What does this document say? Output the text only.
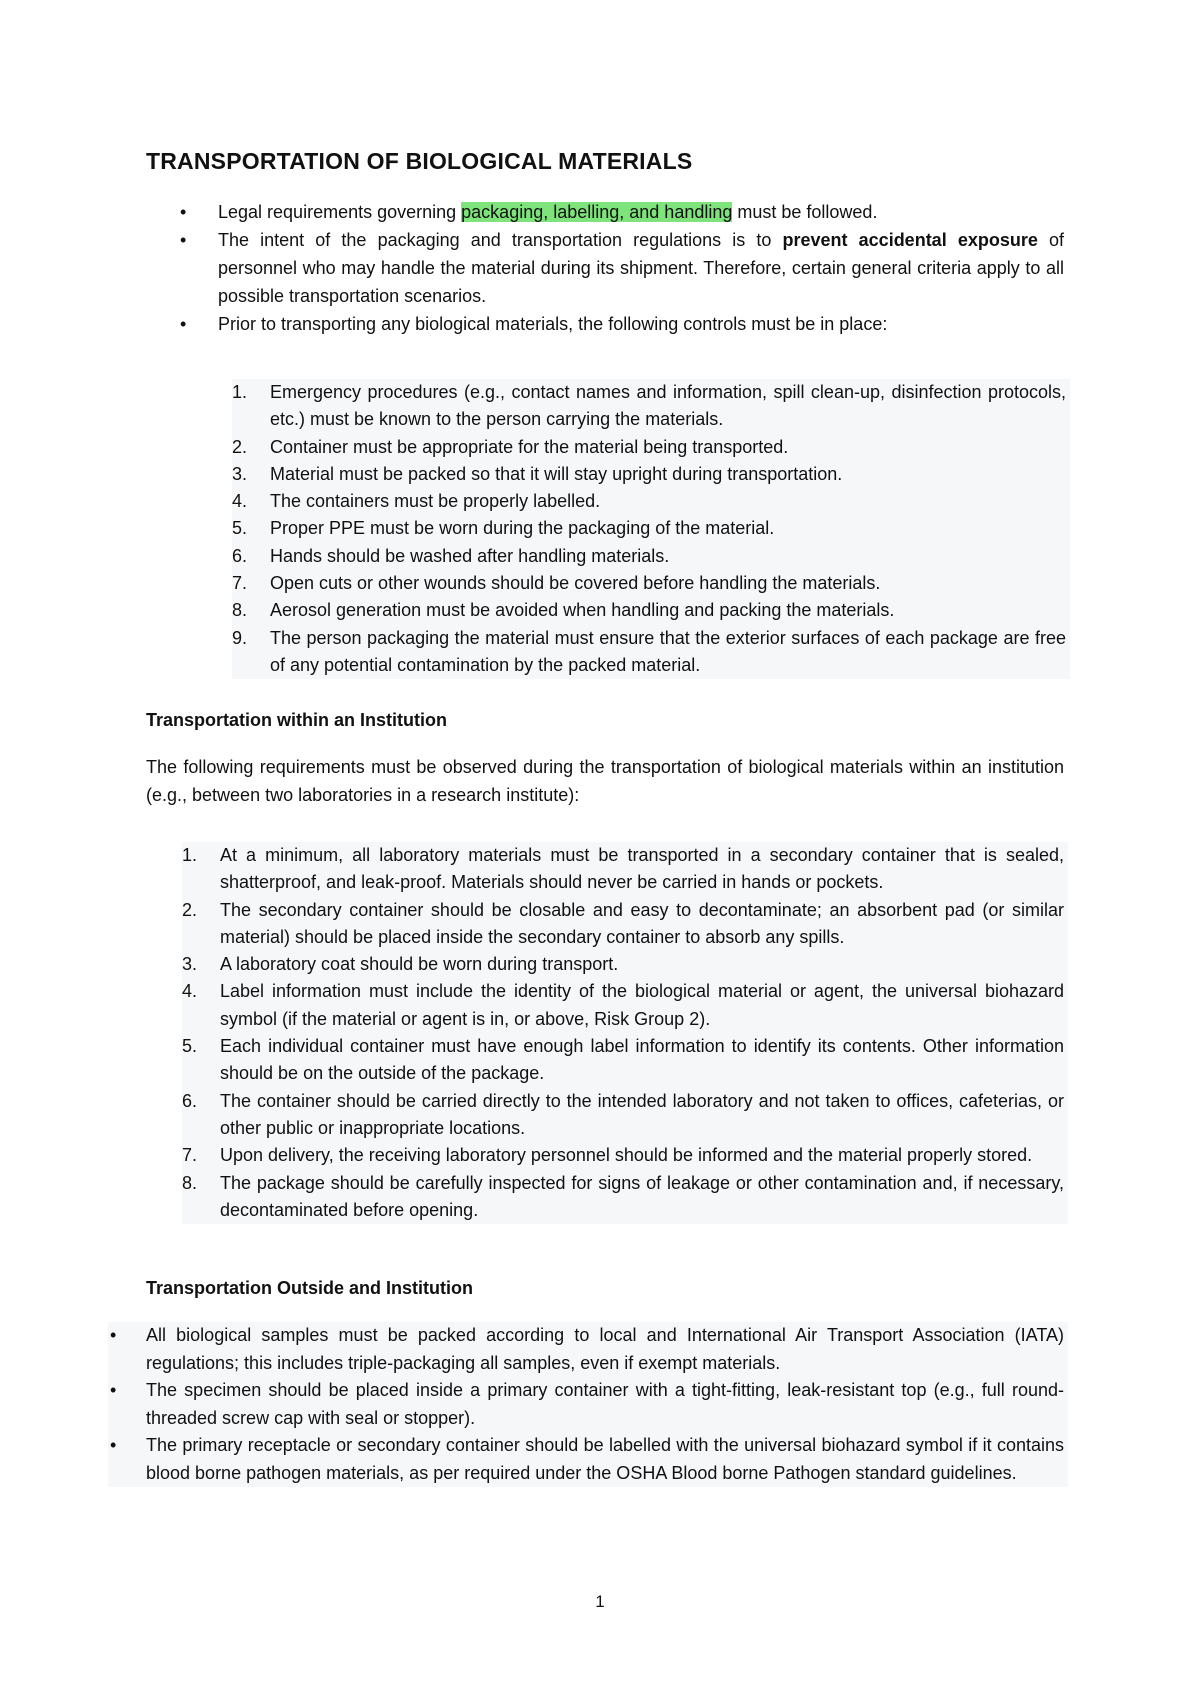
TRANSPORTATION OF BIOLOGICAL MATERIALS
• Legal requirements governing packaging, labelling, and handling must be followed.
• The intent of the packaging and transportation regulations is to prevent accidental exposure of personnel who may handle the material during its shipment. Therefore, certain general criteria apply to all possible transportation scenarios.
• Prior to transporting any biological materials, the following controls must be in place:
1. Emergency procedures (e.g., contact names and information, spill clean-up, disinfection protocols, etc.) must be known to the person carrying the materials.
2. Container must be appropriate for the material being transported.
3. Material must be packed so that it will stay upright during transportation.
4. The containers must be properly labelled.
5. Proper PPE must be worn during the packaging of the material.
6. Hands should be washed after handling materials.
7. Open cuts or other wounds should be covered before handling the materials.
8. Aerosol generation must be avoided when handling and packing the materials.
9. The person packaging the material must ensure that the exterior surfaces of each package are free of any potential contamination by the packed material.
Transportation within an Institution
The following requirements must be observed during the transportation of biological materials within an institution (e.g., between two laboratories in a research institute):
1. At a minimum, all laboratory materials must be transported in a secondary container that is sealed, shatterproof, and leak-proof. Materials should never be carried in hands or pockets.
2. The secondary container should be closable and easy to decontaminate; an absorbent pad (or similar material) should be placed inside the secondary container to absorb any spills.
3. A laboratory coat should be worn during transport.
4. Label information must include the identity of the biological material or agent, the universal biohazard symbol (if the material or agent is in, or above, Risk Group 2).
5. Each individual container must have enough label information to identify its contents. Other information should be on the outside of the package.
6. The container should be carried directly to the intended laboratory and not taken to offices, cafeterias, or other public or inappropriate locations.
7. Upon delivery, the receiving laboratory personnel should be informed and the material properly stored.
8. The package should be carefully inspected for signs of leakage or other contamination and, if necessary, decontaminated before opening.
Transportation Outside and Institution
• All biological samples must be packed according to local and International Air Transport Association (IATA) regulations; this includes triple-packaging all samples, even if exempt materials.
• The specimen should be placed inside a primary container with a tight-fitting, leak-resistant top (e.g., full round-threaded screw cap with seal or stopper).
• The primary receptacle or secondary container should be labelled with the universal biohazard symbol if it contains blood borne pathogen materials, as per required under the OSHA Blood borne Pathogen standard guidelines.
1
